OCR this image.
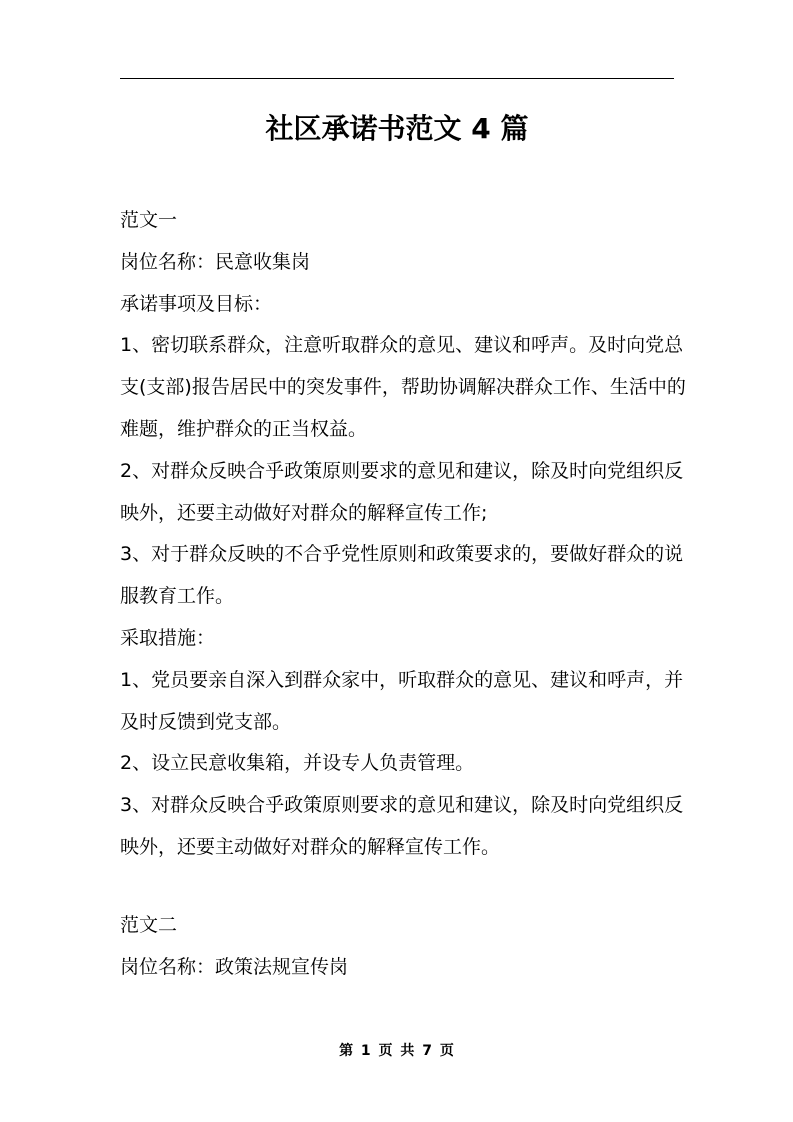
社区承诺书范文 4 篇

范文一

岗位名称：民意收集岗

承诺事项及目标：

1、密切联系群众，注意听取群众的意见、建议和呼声。及时向党总

支(支部)报告居民中的突发事件，帮助协调解决群众工作、生活中的

难题，维护群众的正当权益。

2、对群众反映合乎政策原则要求的意见和建议，除及时向党组织反

映外，还要主动做好对群众的解释宣传工作;

3、对于群众反映的不合乎党性原则和政策要求的，要做好群众的说

服教育工作。

采取措施：

1、党员要亲自深入到群众家中，听取群众的意见、建议和呼声，并

及时反馈到党支部。

2、设立民意收集箱，并设专人负责管理。

3、对群众反映合乎政策原则要求的意见和建议，除及时向党组织反

映外，还要主动做好对群众的解释宣传工作。

范文二

岗位名称：政策法规宣传岗

第 1 页 共 7 页
